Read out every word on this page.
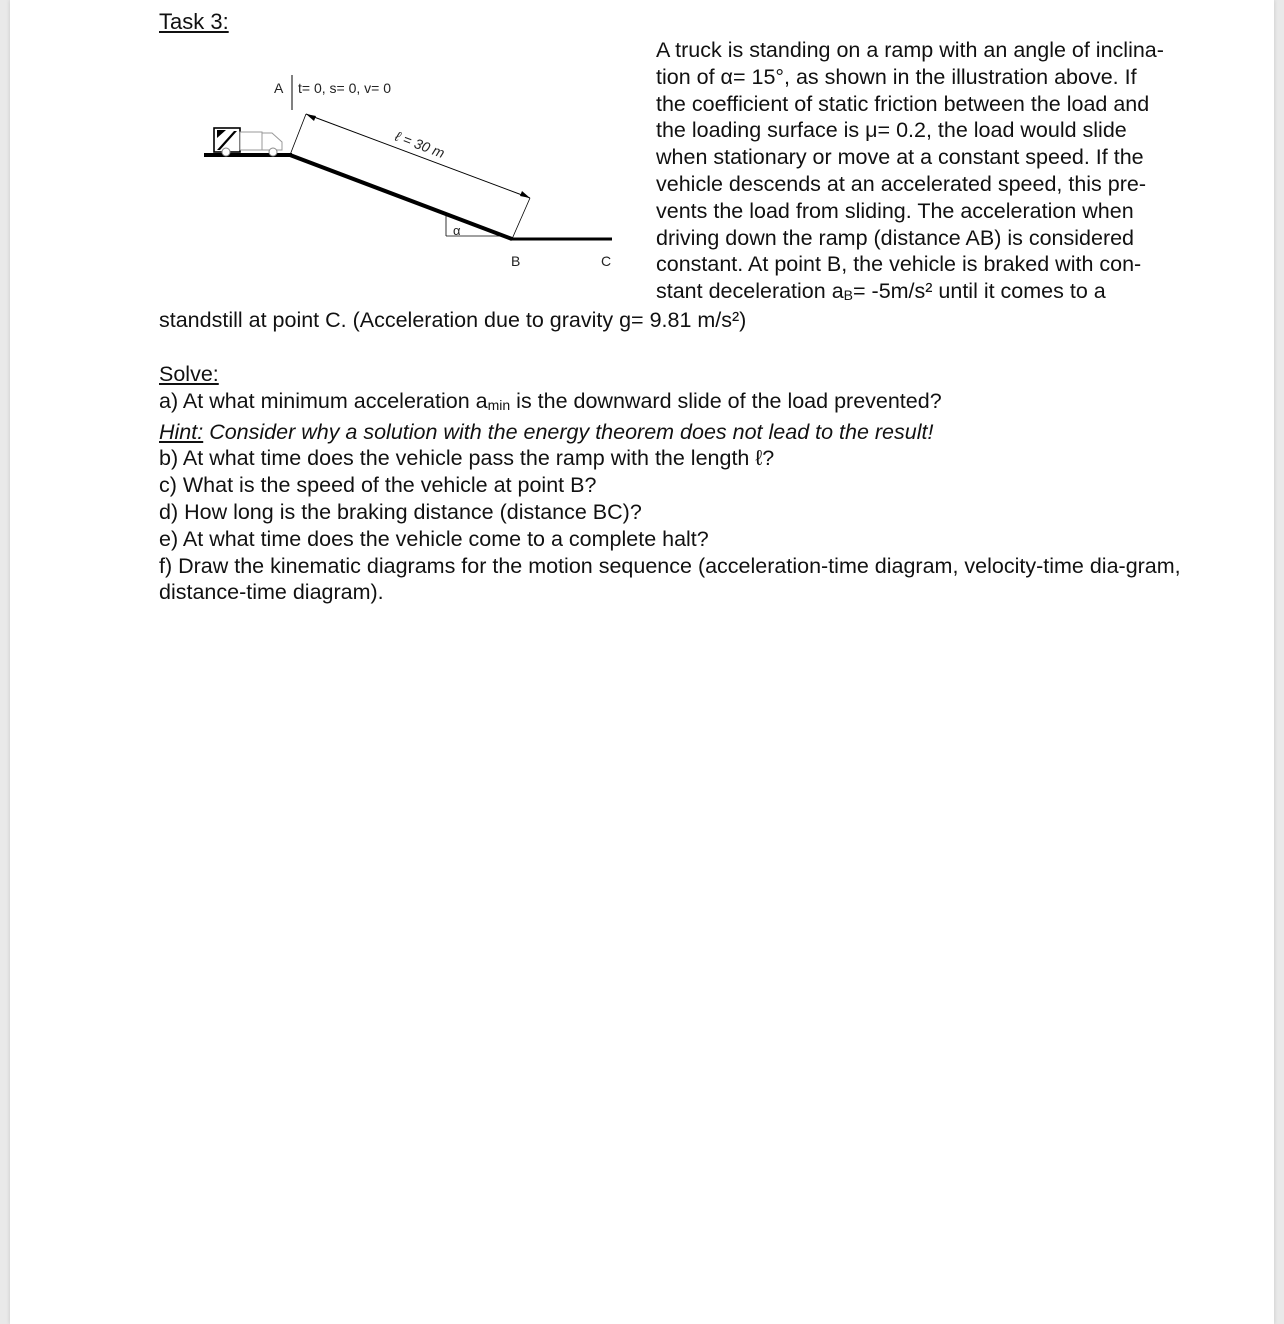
Task 3:
A t= 0, s= 0, v= 0
ℓ = 30 m
α
B	C
A truck is standing on a ramp with an angle of inclina-
tion of α= 15°, as shown in the illustration above. If
the coefficient of static friction between the load and
the loading surface is μ= 0.2, the load would slide
when stationary or move at a constant speed. If the
vehicle descends at an accelerated speed, this pre-
vents the load from sliding. The acceleration when
driving down the ramp (distance AB) is considered
constant. At point B, the vehicle is braked with con-
stant deceleration $a_B= -5m/s^2$ until it comes to a
standstill at point C. (Acceleration due to gravity g= 9.81 m/s²)
Solve:
a) At what minimum acceleration $a_{min}$ is the downward slide of the load prevented?
Hint: Consider why a solution with the energy theorem does not lead to the result!
b) At what time does the vehicle pass the ramp with the length ℓ?
c) What is the speed of the vehicle at point B?
d) How long is the braking distance (distance BC)?
e) At what time does the vehicle come to a complete halt?
f) Draw the kinematic diagrams for the motion sequence (acceleration-time diagram, velocity-time dia-gram, distance-time diagram).
